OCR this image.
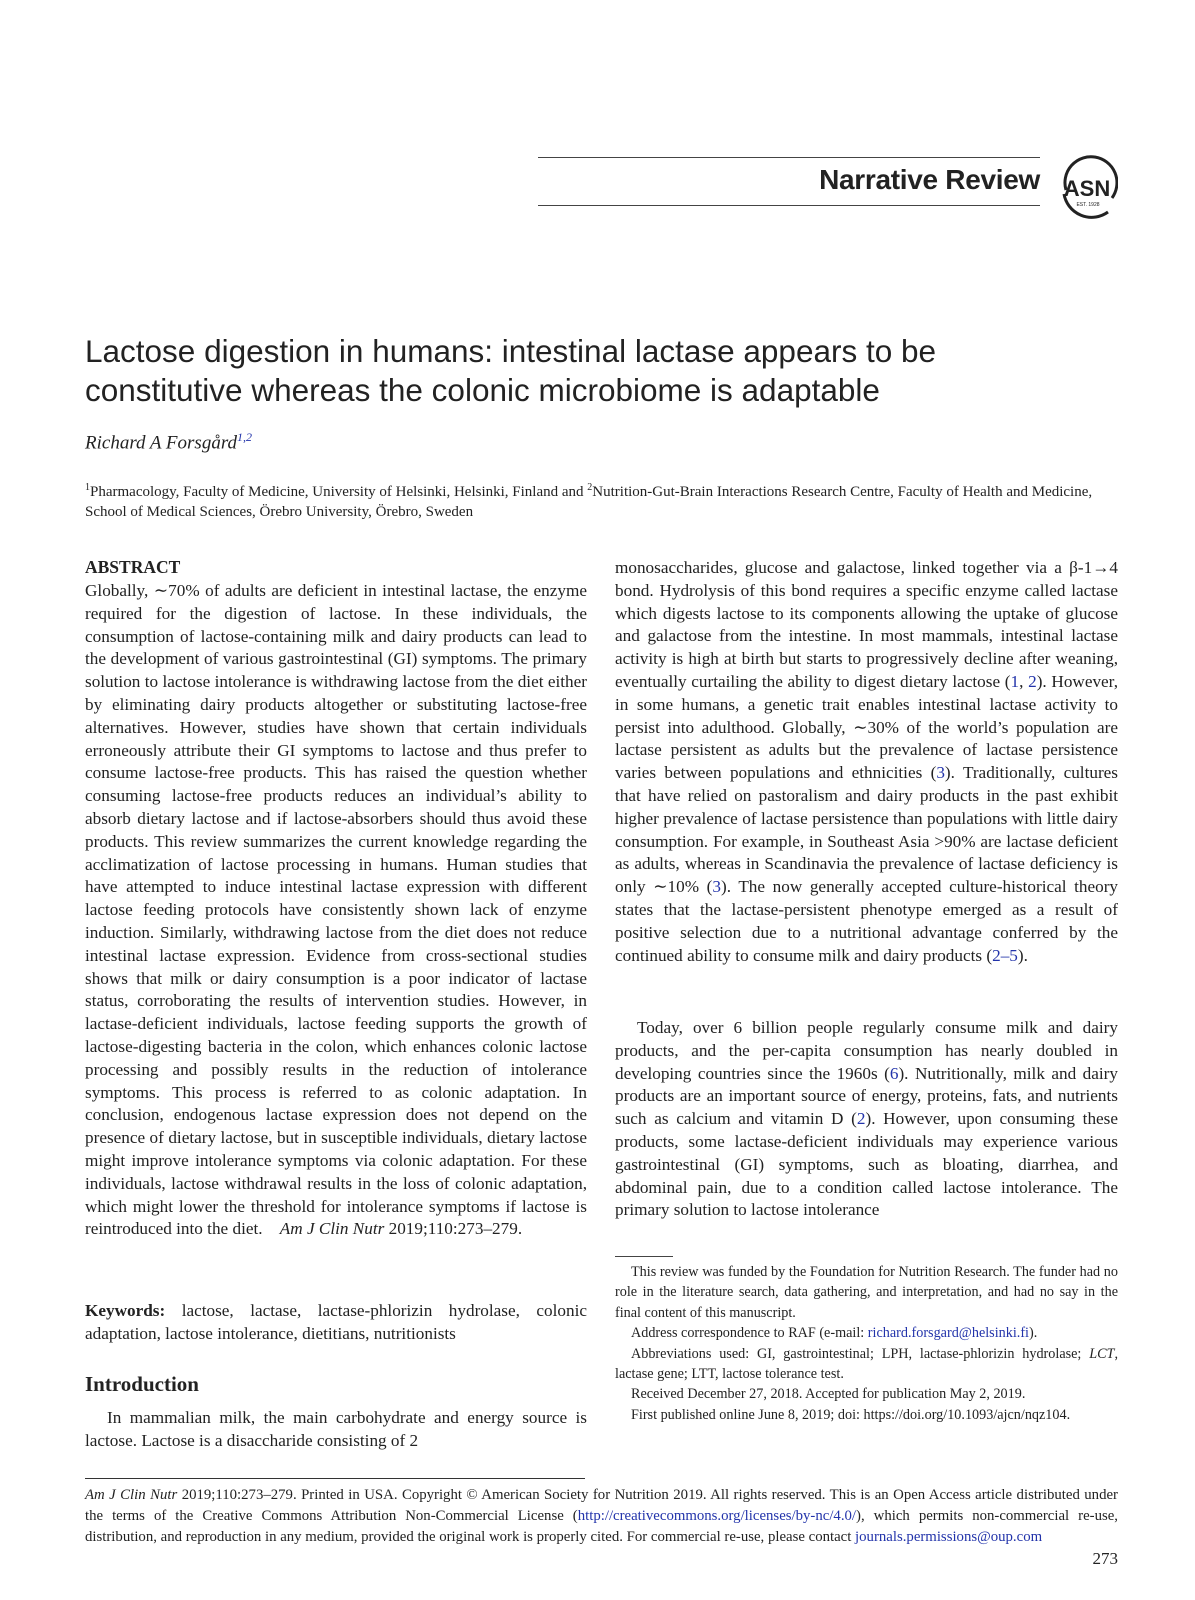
Narrative Review ASN
EST. 1928
Lactose digestion in humans: intestinal lactase appears to be constitutive whereas the colonic microbiome is adaptable
Richard A Forsgård$^{1,2}$
$^1$Pharmacology, Faculty of Medicine, University of Helsinki, Helsinki, Finland and $^2$Nutrition-Gut-Brain Interactions Research Centre, Faculty of Health and Medicine, School of Medical Sciences, Örebro University, Örebro, Sweden
ABSTRACT
Globally, ∼70% of adults are deficient in intestinal lactase, the enzyme required for the digestion of lactose. In these individuals, the consumption of lactose-containing milk and dairy products can lead to the development of various gastrointestinal (GI) symptoms. The primary solution to lactose intolerance is withdrawing lactose from the diet either by eliminating dairy products altogether or substituting lactose-free alternatives. However, studies have shown that certain individuals erroneously attribute their GI symptoms to lactose and thus prefer to consume lactose-free products. This has raised the question whether consuming lactose-free products reduces an individual’s ability to absorb dietary lactose and if lactose-absorbers should thus avoid these products. This review summarizes the current knowledge regarding the acclimatization of lactose processing in humans. Human studies that have attempted to induce intestinal lactase expression with different lactose feeding protocols have consistently shown lack of enzyme induction. Similarly, withdrawing lactose from the diet does not reduce intestinal lactase expression. Evidence from cross-sectional studies shows that milk or dairy consumption is a poor indicator of lactase status, corroborating the results of intervention studies. However, in lactase-deficient individuals, lactose feeding supports the growth of lactose-digesting bacteria in the colon, which enhances colonic lactose processing and possibly results in the reduction of intolerance symptoms. This process is referred to as colonic adaptation. In conclusion, endogenous lactase expression does not depend on the presence of dietary lactose, but in susceptible individuals, dietary lactose might improve intolerance symptoms via colonic adaptation. For these individuals, lactose withdrawal results in the loss of colonic adaptation, which might lower the threshold for intolerance symptoms if lactose is reintroduced into the diet. Am J Clin Nutr 2019;110:273–279.
Keywords: lactose, lactase, lactase-phlorizin hydrolase, colonic adaptation, lactose intolerance, dietitians, nutritionists
Introduction
In mammalian milk, the main carbohydrate and energy source is lactose. Lactose is a disaccharide consisting of 2
monosaccharides, glucose and galactose, linked together via a β-1→4 bond. Hydrolysis of this bond requires a specific enzyme called lactase which digests lactose to its components allowing the uptake of glucose and galactose from the intestine. In most mammals, intestinal lactase activity is high at birth but starts to progressively decline after weaning, eventually curtailing the ability to digest dietary lactose (1, 2). However, in some humans, a genetic trait enables intestinal lactase activity to persist into adulthood. Globally, ∼30% of the world’s population are lactase persistent as adults but the prevalence of lactase persistence varies between populations and ethnicities (3). Traditionally, cultures that have relied on pastoralism and dairy products in the past exhibit higher prevalence of lactase persistence than populations with little dairy consumption. For example, in Southeast Asia >90% are lactase deficient as adults, whereas in Scandinavia the prevalence of lactase deficiency is only ∼10% (3). The now generally accepted culture-historical theory states that the lactase-persistent phenotype emerged as a result of positive selection due to a nutritional advantage conferred by the continued ability to consume milk and dairy products (2–5).
Today, over 6 billion people regularly consume milk and dairy products, and the per-capita consumption has nearly doubled in developing countries since the 1960s (6). Nutritionally, milk and dairy products are an important source of energy, proteins, fats, and nutrients such as calcium and vitamin D (2). However, upon consuming these products, some lactase-deficient individuals may experience various gastrointestinal (GI) symptoms, such as bloating, diarrhea, and abdominal pain, due to a condition called lactose intolerance. The primary solution to lactose intolerance

This review was funded by the Foundation for Nutrition Research. The funder had no role in the literature search, data gathering, and interpretation, and had no say in the final content of this manuscript.

Address correspondence to RAF (e-mail: richard.forsgard@helsinki.fi).

Abbreviations used: GI, gastrointestinal; LPH, lactase-phlorizin hydrolase; LCT, lactase gene; LTT, lactose tolerance test.

Received December 27, 2018. Accepted for publication May 2, 2019.

First published online June 8, 2019; doi: https://doi.org/10.1093/ajcn/nqz104.

Am J Clin Nutr 2019;110:273–279. Printed in USA. Copyright © American Society for Nutrition 2019. All rights reserved. This is an Open Access article distributed under the terms of the Creative Commons Attribution Non-Commercial License (http://creativecommons.org/licenses/by-nc/4.0/), which permits non-commercial re-use, distribution, and reproduction in any medium, provided the original work is properly cited. For commercial re-use, please contact journals.permissions@oup.com
273
